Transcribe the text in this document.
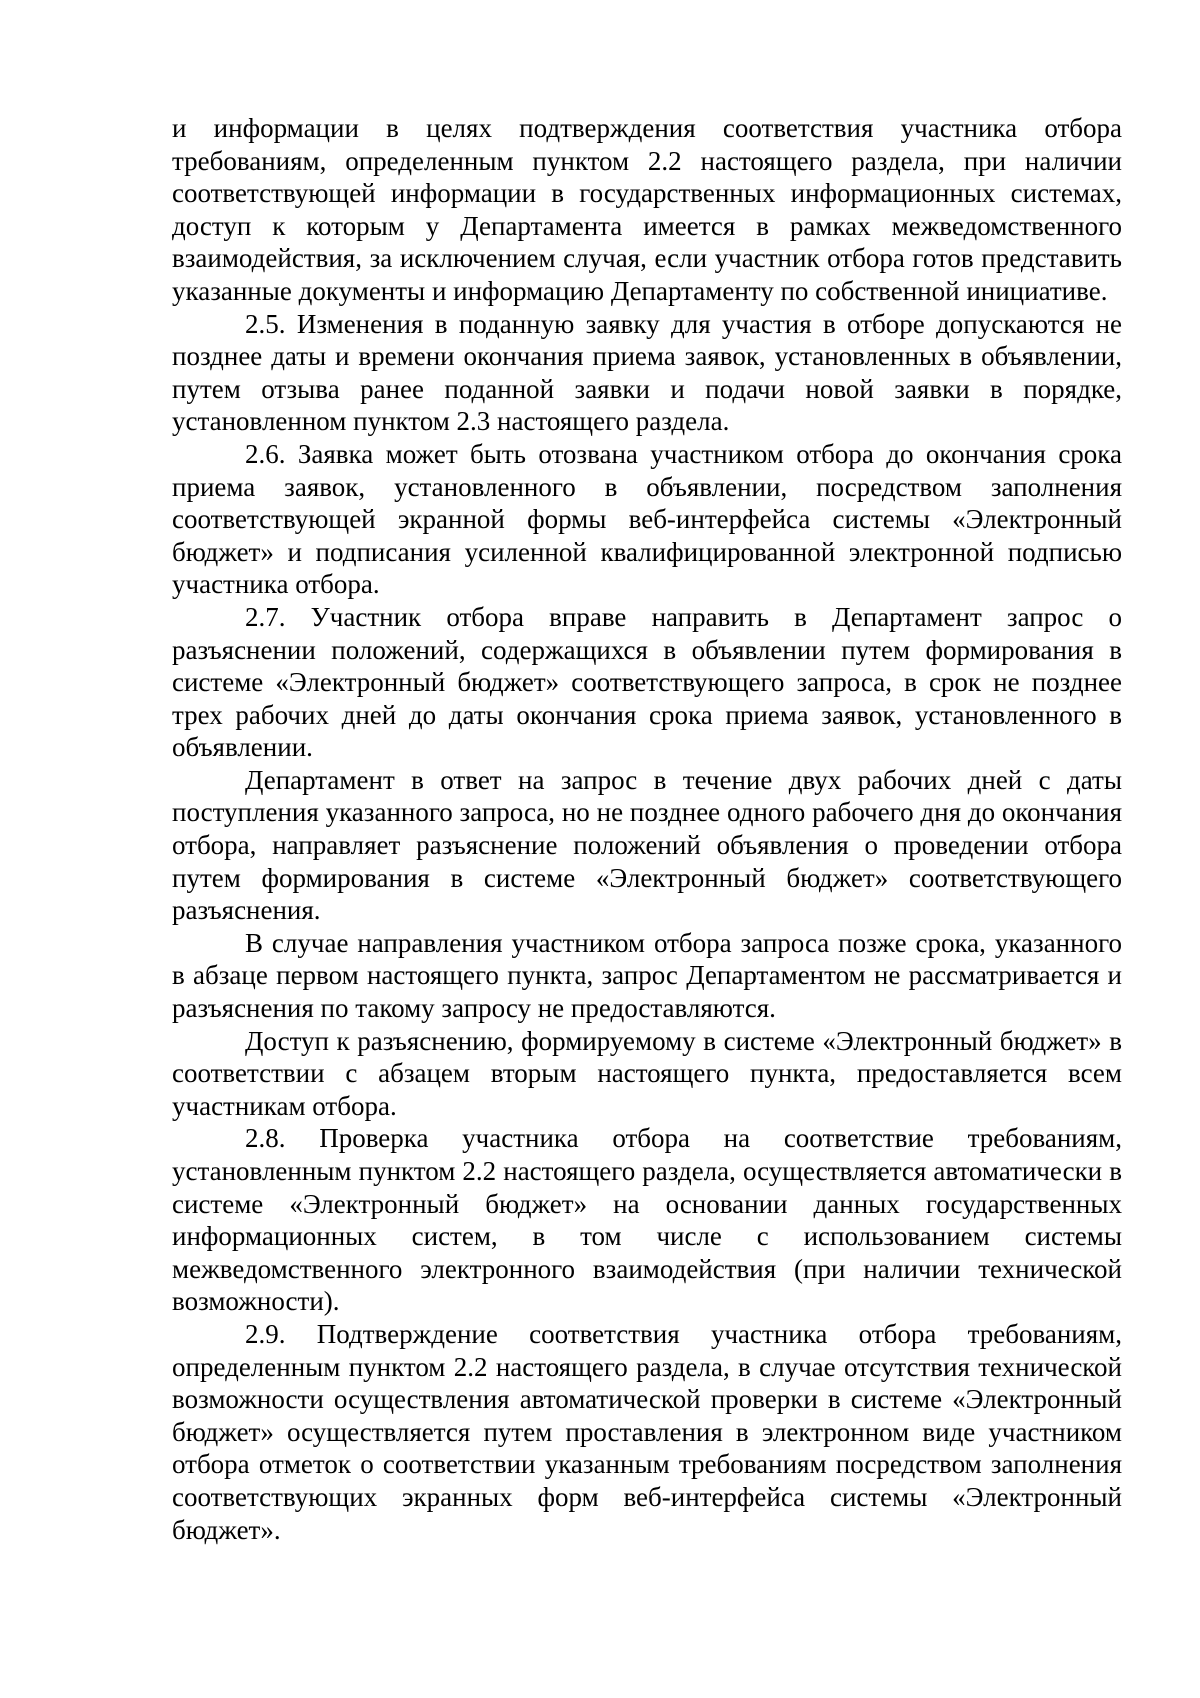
и информации в целях подтверждения соответствия участника отбора требованиям, определенным пунктом 2.2 настоящего раздела, при наличии соответствующей информации в государственных информационных системах, доступ к которым у Департамента имеется в рамках межведомственного взаимодействия, за исключением случая, если участник отбора готов представить указанные документы и информацию Департаменту по собственной инициативе.

2.5. Изменения в поданную заявку для участия в отборе допускаются не позднее даты и времени окончания приема заявок, установленных в объявлении, путем отзыва ранее поданной заявки и подачи новой заявки в порядке, установленном пунктом 2.3 настоящего раздела.

2.6. Заявка может быть отозвана участником отбора до окончания срока приема заявок, установленного в объявлении, посредством заполнения соответствующей экранной формы веб-интерфейса системы «Электронный бюджет» и подписания усиленной квалифицированной электронной подписью участника отбора.

2.7. Участник отбора вправе направить в Департамент запрос о разъяснении положений, содержащихся в объявлении путем формирования в системе «Электронный бюджет» соответствующего запроса, в срок не позднее трех рабочих дней до даты окончания срока приема заявок, установленного в объявлении.

Департамент в ответ на запрос в течение двух рабочих дней с даты поступления указанного запроса, но не позднее одного рабочего дня до окончания отбора, направляет разъяснение положений объявления о проведении отбора путем формирования в системе «Электронный бюджет» соответствующего разъяснения.

В случае направления участником отбора запроса позже срока, указанного в абзаце первом настоящего пункта, запрос Департаментом не рассматривается и разъяснения по такому запросу не предоставляются.

Доступ к разъяснению, формируемому в системе «Электронный бюджет» в соответствии с абзацем вторым настоящего пункта, предоставляется всем участникам отбора.

2.8. Проверка участника отбора на соответствие требованиям, установленным пунктом 2.2 настоящего раздела, осуществляется автоматически в системе «Электронный бюджет» на основании данных государственных информационных систем, в том числе с использованием системы межведомственного электронного взаимодействия (при наличии технической возможности).

2.9. Подтверждение соответствия участника отбора требованиям, определенным пунктом 2.2 настоящего раздела, в случае отсутствия технической возможности осуществления автоматической проверки в системе «Электронный бюджет» осуществляется путем проставления в электронном виде участником отбора отметок о соответствии указанным требованиям посредством заполнения соответствующих экранных форм веб-интерфейса системы «Электронный бюджет».
